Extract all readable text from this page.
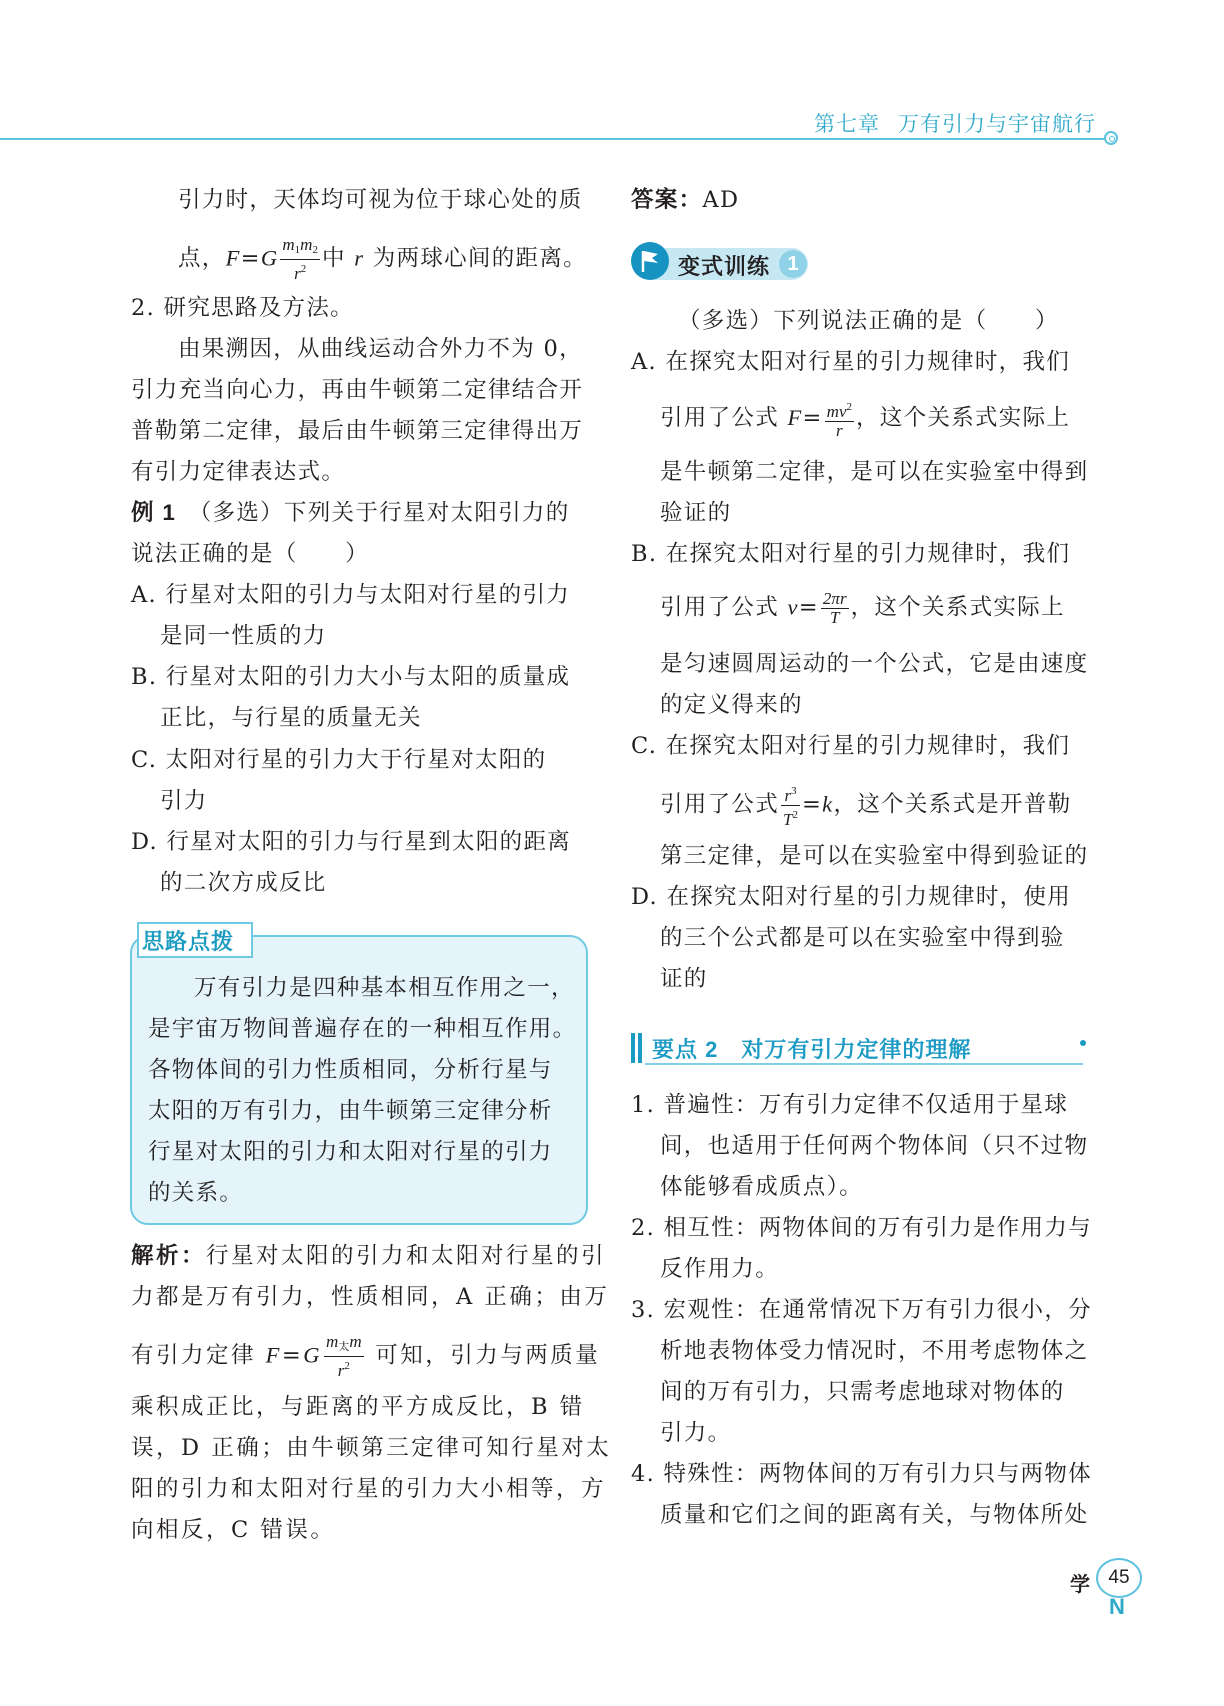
第七章 万有引力与宇宙航行
引力时，天体均可视为位于球心处的质
点，$F=G \frac{m_1m_2}{r^2}$ 中 r 为两球心间的距离。
2. 研究思路及方法。
由果溯因，从曲线运动合外力不为 0，
引力充当向心力，再由牛顿第二定律结合开
普勒第二定律，最后由牛顿第三定律得出万
有引力定律表达式。
例 1　 （多选）下列关于行星对太阳引力的
说法正确的是（　　）
A. 行星对太阳的引力与太阳对行星的引力
是同一性质的力
B. 行星对太阳的引力大小与太阳的质量成
正比，与行星的质量无关
C. 太阳对行星的引力大于行星对太阳的
引力
D. 行星对太阳的引力与行星到太阳的距离
的二次方成反比
思路点拨
万有引力是四种基本相互作用之一，
是宇宙万物间普遍存在的一种相互作用。
各物体间的引力性质相同，分析行星与
太阳的万有引力，由牛顿第三定律分析
行星对太阳的引力和太阳对行星的引力
的关系。
解析：行星对太阳的引力和太阳对行星的引
力都是万有引力，性质相同，A 正确；由万
有引力定律 $F=G \frac{m_太m}{r^2}$ 可知，引力与两质量
乘积成正比，与距离的平方成反比，B 错
误，D 正确；由牛顿第三定律可知行星对太
阳的引力和太阳对行星的引力大小相等，方
向相反，C 错误。
答案：AD
变式训练 1
（多选）下列说法正确的是（　　）
A. 在探究太阳对行星的引力规律时，我们
引用了公式 $F= \frac{mv^2}{r}$ ，这个关系式实际上
是牛顿第二定律，是可以在实验室中得到
验证的
B. 在探究太阳对行星的引力规律时，我们
引用了公式 $v= \frac{2\pi r}{T}$ ，这个关系式实际上
是匀速圆周运动的一个公式，它是由速度
的定义得来的
C. 在探究太阳对行星的引力规律时，我们
引用了公式 $\frac{r^3}{T^2} =k$，这个关系式是开普勒
第三定律，是可以在实验室中得到验证的
D. 在探究太阳对行星的引力规律时，使用
的三个公式都是可以在实验室中得到验
证的
要点 2　对万有引力定律的理解
1. 普遍性：万有引力定律不仅适用于星球
间，也适用于任何两个物体间（只不过物
体能够看成质点）。
2. 相互性：两物体间的万有引力是作用力与
反作用力。
3. 宏观性：在通常情况下万有引力很小，分
析地表物体受力情况时，不用考虑物体之
间的万有引力，只需考虑地球对物体的
引力。
4. 特殊性：两物体间的万有引力只与两物体
质量和它们之间的距离有关，与物体所处
学 45
N
